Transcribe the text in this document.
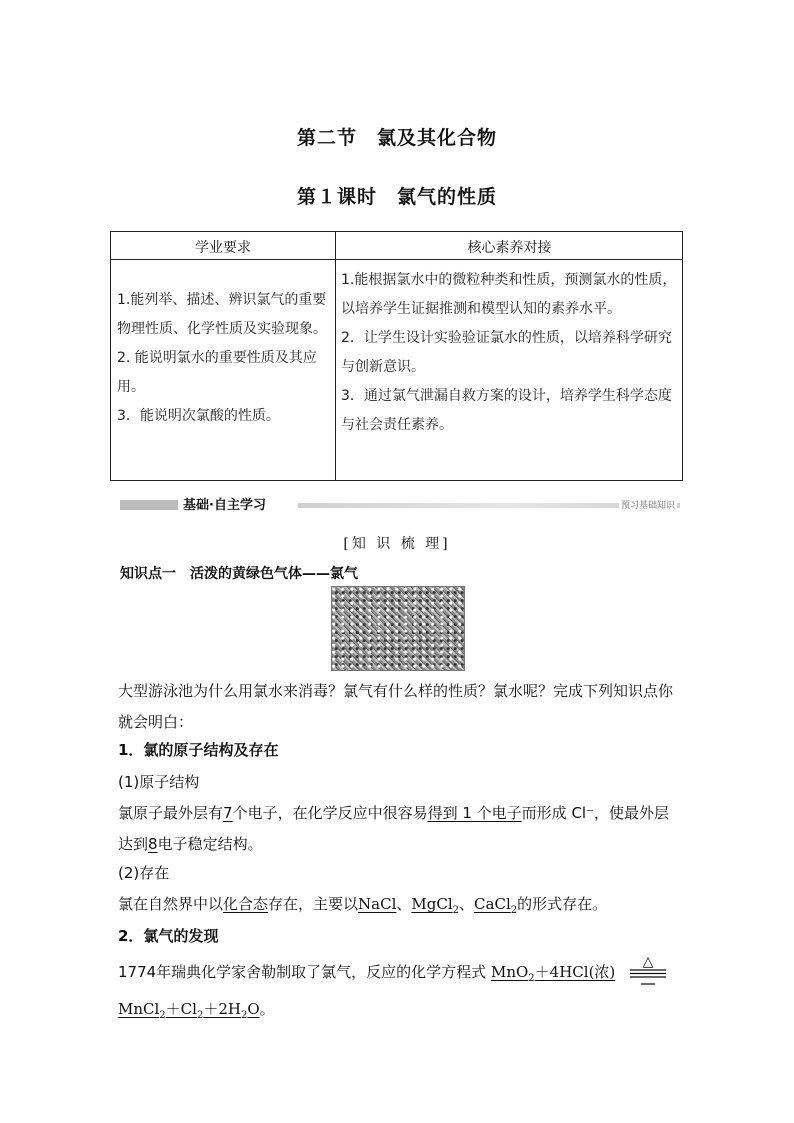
第二节　氯及其化合物
第１课时　氯气的性质
学业要求	核心素养对接

1.能列举、描述、辨识氯气的重要物理性质、化学性质及实验现象。

2. 能说明氯水的重要性质及其应用。

3．能说明次氯酸的性质。

1.能根据氯水中的微粒种类和性质，预测氯水的性质，以培养学生证据推测和模型认知的素养水平。

2．让学生设计实验验证氯水的性质，以培养科学研究与创新意识。

3．通过氯气泄漏自救方案的设计，培养学生科学态度与社会责任素养。

基础·自主学习	预习基础知识
[知 识 梳 理]
知识点一　活泼的黄绿色气体——氯气
大型游泳池为什么用氯水来消毒？氯气有什么样的性质？氯水呢？完成下列知识点你就会明白：
1．氯的原子结构及存在
(1)原子结构
氯原子最外层有7个电子，在化学反应中很容易得到 1 个电子而形成 Cl⁻，使最外层达到8电子稳定结构。
(2)存在
氯在自然界中以化合态存在，主要以NaCl、MgCl$_2$、CaCl$_2$的形式存在。
2．氯气的发现
1774年瑞典化学家舍勒制取了氯气，反应的化学方程式 MnO$_2$＋4HCl(浓)
△
$MnCl_2+Cl_2+2H_2O$。
